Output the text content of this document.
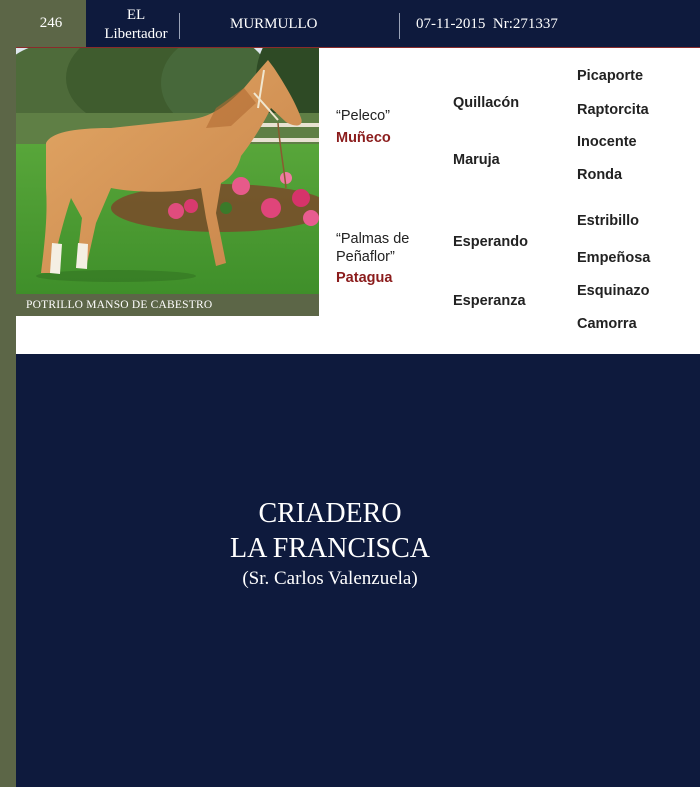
246	EL
Libertador
MURMULLO	07-11-2015  Nr:271337
POTRILLO MANSO DE CABESTRO
“Peleco”
Muñeco
“Palmas de
Peñaflor”
Patagua
Quillacón
Maruja
Esperando
Esperanza
Picaporte
Raptorcita
Inocente
Ronda
Estribillo
Empeñosa
Esquinazo
Camorra
CRIADERO
LA FRANCISCA
(Sr. Carlos Valenzuela)
